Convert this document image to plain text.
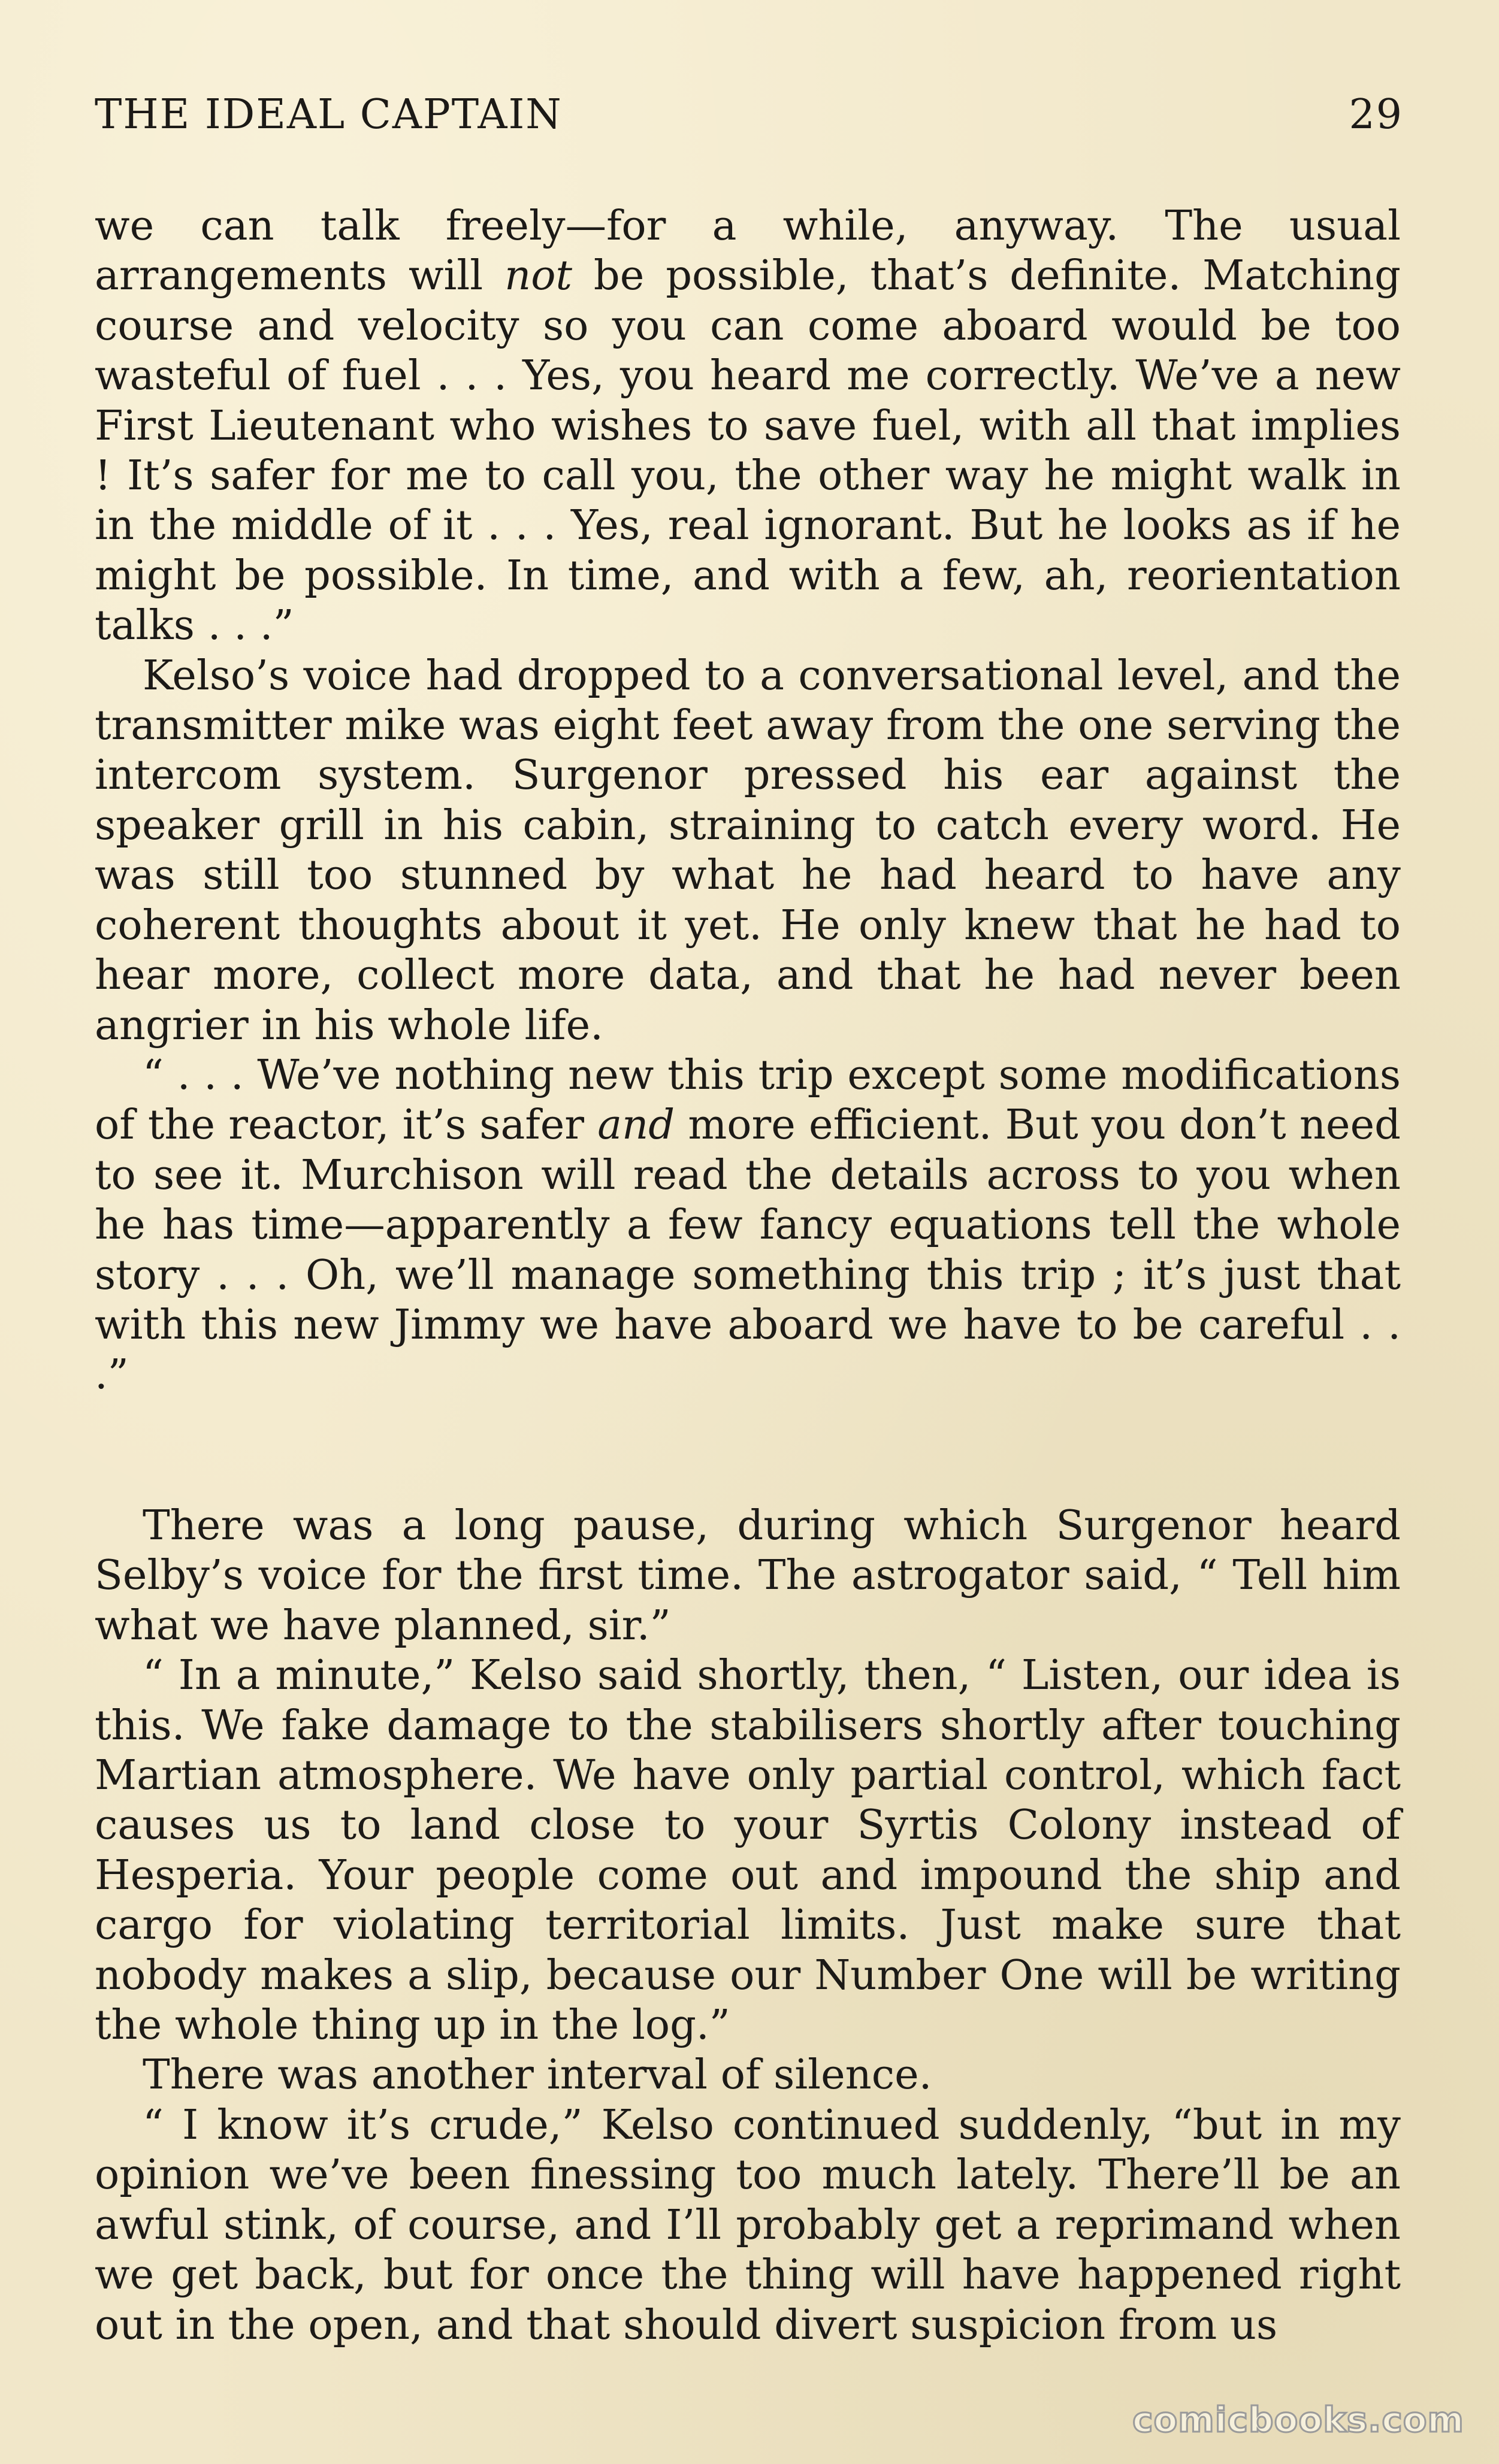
THE IDEAL CAPTAIN	29

we can talk freely—for a while, anyway. The usual arrangements will not be possible, that’s definite. Matching course and velocity so you can come aboard would be too wasteful of fuel . . . Yes, you heard me correctly. We’ve a new First Lieutenant who wishes to save fuel, with all that implies ! It’s safer for me to call you, the other way he might walk in in the middle of it . . . Yes, real ignorant. But he looks as if he might be possible. In time, and with a few, ah, reorientation talks . . .”

Kelso’s voice had dropped to a conversational level, and the transmitter mike was eight feet away from the one serving the intercom system. Surgenor pressed his ear against the speaker grill in his cabin, straining to catch every word. He was still too stunned by what he had heard to have any coherent thoughts about it yet. He only knew that he had to hear more, collect more data, and that he had never been angrier in his whole life.

“ . . . We’ve nothing new this trip except some modifications of the reactor, it’s safer and more efficient. But you don’t need to see it. Murchison will read the details across to you when he has time—apparently a few fancy equations tell the whole story . . . Oh, we’ll manage something this trip ; it’s just that with this new Jimmy we have aboard we have to be careful . . .”

There was a long pause, during which Surgenor heard Selby’s voice for the first time. The astrogator said, “ Tell him what we have planned, sir.”

“ In a minute,” Kelso said shortly, then, “ Listen, our idea is this. We fake damage to the stabilisers shortly after touching Martian atmosphere. We have only partial control, which fact causes us to land close to your Syrtis Colony instead of Hesperia. Your people come out and impound the ship and cargo for violating territorial limits. Just make sure that nobody makes a slip, because our Number One will be writing the whole thing up in the log.”

There was another interval of silence.

“ I know it’s crude,” Kelso continued suddenly, “but in my opinion we’ve been finessing too much lately. There’ll be an awful stink, of course, and I’ll probably get a reprimand when we get back, but for once the thing will have happened right out in the open, and that should divert suspicion from us

comicbooks.com
